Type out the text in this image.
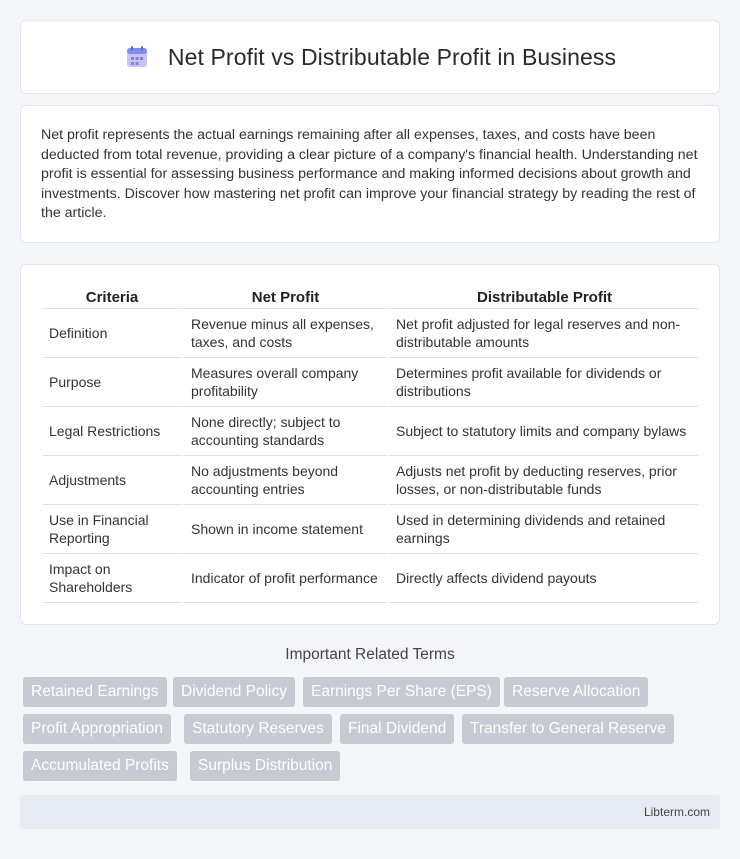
Net Profit vs Distributable Profit in Business

Net profit represents the actual earnings remaining after all expenses, taxes, and costs have been deducted from total revenue, providing a clear picture of a company's financial health. Understanding net profit is essential for assessing business performance and making informed decisions about growth and investments. Discover how mastering net profit can improve your financial strategy by reading the rest of the article.

Criteria	Net Profit	Distributable Profit
Definition	Revenue minus all expenses, taxes, and costs	Net profit adjusted for legal reserves and non-distributable amounts
Purpose	Measures overall company profitability	Determines profit available for dividends or distributions
Legal Restrictions	None directly; subject to accounting standards	Subject to statutory limits and company bylaws
Adjustments	No adjustments beyond accounting entries	Adjusts net profit by deducting reserves, prior losses, or non-distributable funds
Use in Financial Reporting	Shown in income statement	Used in determining dividends and retained earnings
Impact on Shareholders	Indicator of profit performance	Directly affects dividend payouts
Important Related Terms
Retained Earnings	Dividend Policy	Earnings Per Share (EPS)	Reserve Allocation
Profit Appropriation	Statutory Reserves	Final Dividend	Transfer to General Reserve
Accumulated Profits	Surplus Distribution
Libterm.com
